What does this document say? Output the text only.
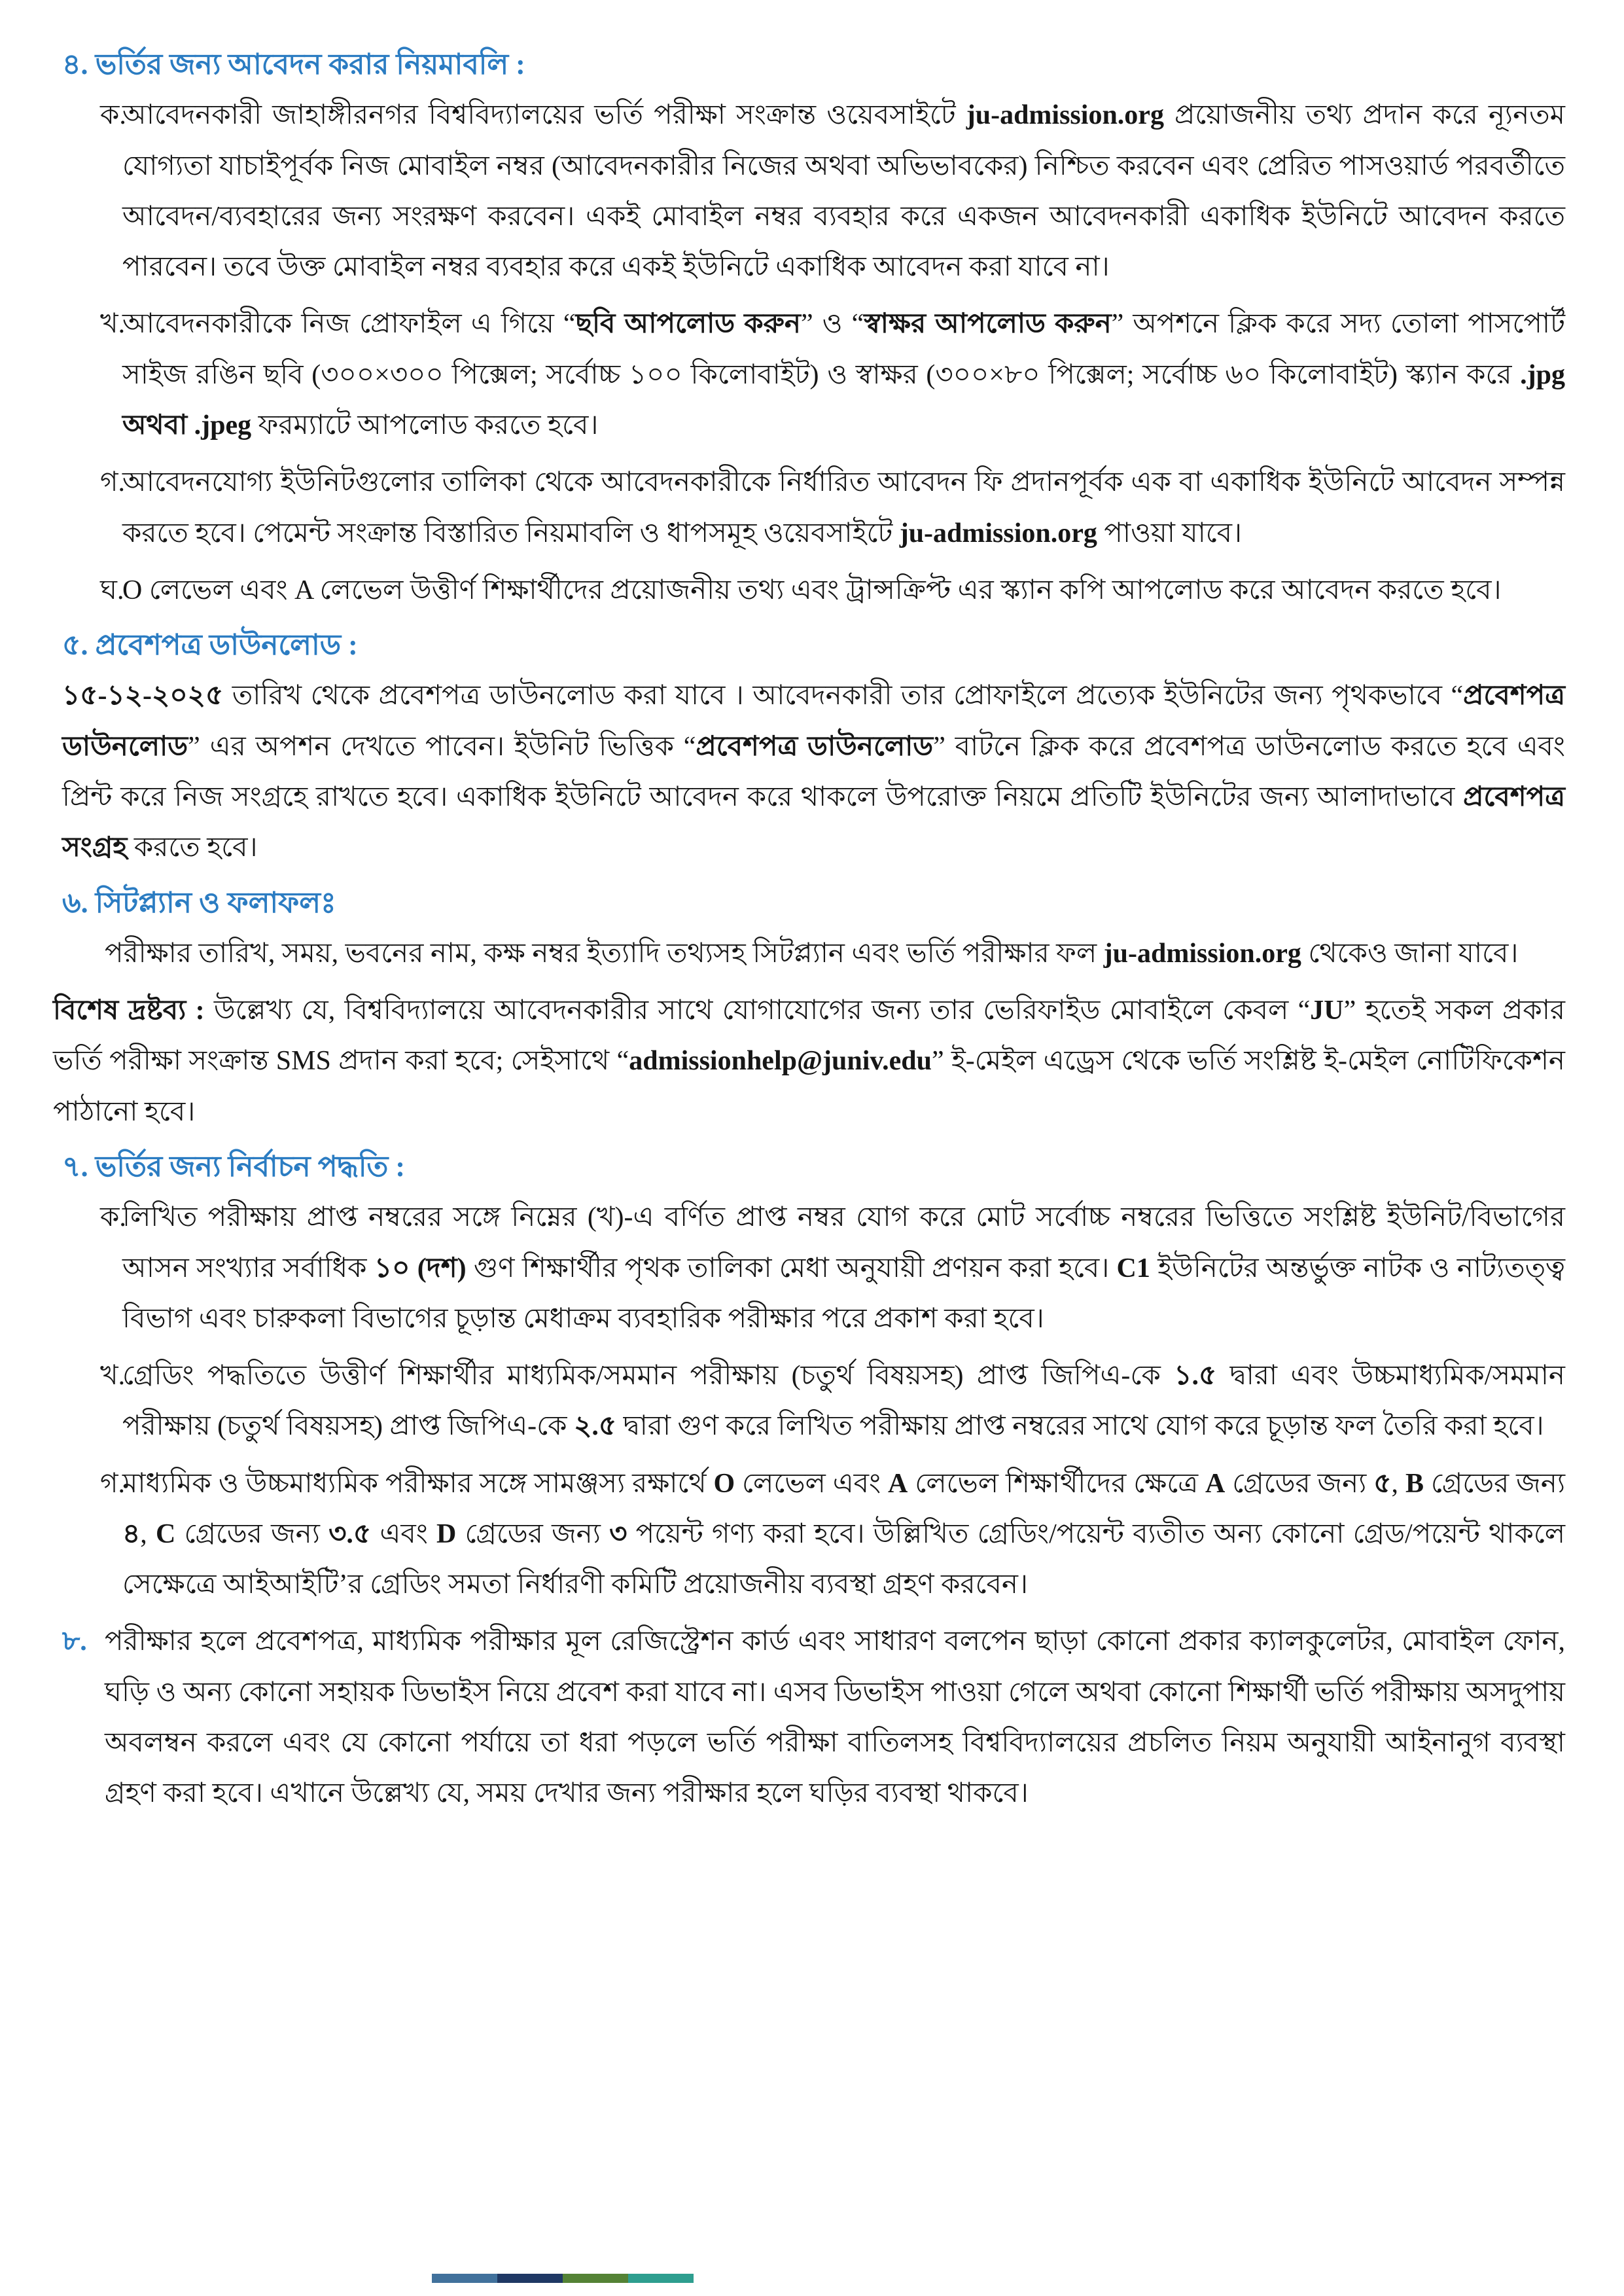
৪. ভর্তির জন্য আবেদন করার নিয়মাবলি :
ক.
আবেদনকারী জাহাঙ্গীরনগর বিশ্ববিদ্যালয়ের ভর্তি পরীক্ষা সংক্রান্ত ওয়েবসাইটে ju-admission.org প্রয়োজনীয় তথ্য প্রদান করে ন্যূনতম যোগ্যতা যাচাইপূর্বক নিজ মোবাইল নম্বর (আবেদনকারীর নিজের অথবা অভিভাবকের) নিশ্চিত করবেন এবং প্রেরিত পাসওয়ার্ড পরবর্তীতে আবেদন/ব্যবহারের জন্য সংরক্ষণ করবেন। একই মোবাইল নম্বর ব্যবহার করে একজন আবেদনকারী একাধিক ইউনিটে আবেদন করতে পারবেন। তবে উক্ত মোবাইল নম্বর ব্যবহার করে একই ইউনিটে একাধিক আবেদন করা যাবে না।
খ.
আবেদনকারীকে নিজ প্রোফাইল এ গিয়ে “ছবি আপলোড করুন” ও “স্বাক্ষর আপলোড করুন” অপশনে ক্লিক করে সদ্য তোলা পাসপোর্ট সাইজ রঙিন ছবি (৩০০×৩০০ পিক্সেল; সর্বোচ্চ ১০০ কিলোবাইট) ও স্বাক্ষর (৩০০×৮০ পিক্সেল; সর্বোচ্চ ৬০ কিলোবাইট) স্ক্যান করে .jpg অথবা .jpeg ফরম্যাটে আপলোড করতে হবে।
গ.
আবেদনযোগ্য ইউনিটগুলোর তালিকা থেকে আবেদনকারীকে নির্ধারিত আবেদন ফি প্রদানপূর্বক এক বা একাধিক ইউনিটে আবেদন সম্পন্ন করতে হবে। পেমেন্ট সংক্রান্ত বিস্তারিত নিয়মাবলি ও ধাপসমূহ ওয়েবসাইটে ju-admission.org পাওয়া যাবে।
ঘ.
O লেভেল এবং A লেভেল উত্তীর্ণ শিক্ষার্থীদের প্রয়োজনীয় তথ্য এবং ট্রান্সক্রিপ্ট এর স্ক্যান কপি আপলোড করে আবেদন করতে হবে।
৫. প্রবেশপত্র ডাউনলোড :
১৫-১২-২০২৫ তারিখ থেকে প্রবেশপত্র ডাউনলোড করা যাবে । আবেদনকারী তার প্রোফাইলে প্রত্যেক ইউনিটের জন্য পৃথকভাবে “প্রবেশপত্র ডাউনলোড” এর অপশন দেখতে পাবেন। ইউনিট ভিত্তিক “প্রবেশপত্র ডাউনলোড” বাটনে ক্লিক করে প্রবেশপত্র ডাউনলোড করতে হবে এবং প্রিন্ট করে নিজ সংগ্রহে রাখতে হবে। একাধিক ইউনিটে আবেদন করে থাকলে উপরোক্ত নিয়মে প্রতিটি ইউনিটের জন্য আলাদাভাবে প্রবেশপত্র সংগ্রহ করতে হবে।
৬. সিটপ্ল্যান ও ফলাফলঃ
পরীক্ষার তারিখ, সময়, ভবনের নাম, কক্ষ নম্বর ইত্যাদি তথ্যসহ সিটপ্ল্যান এবং ভর্তি পরীক্ষার ফল ju-admission.org থেকেও জানা যাবে।
বিশেষ দ্রষ্টব্য : উল্লেখ্য যে, বিশ্ববিদ্যালয়ে আবেদনকারীর সাথে যোগাযোগের জন্য তার ভেরিফাইড মোবাইলে কেবল “JU” হতেই সকল প্রকার ভর্তি পরীক্ষা সংক্রান্ত SMS প্রদান করা হবে; সেইসাথে “admissionhelp@juniv.edu” ই-মেইল এড্রেস থেকে ভর্তি সংশ্লিষ্ট ই-মেইল নোটিফিকেশন পাঠানো হবে।
৭. ভর্তির জন্য নির্বাচন পদ্ধতি :
ক.
লিখিত পরীক্ষায় প্রাপ্ত নম্বরের সঙ্গে নিম্নের (খ)-এ বর্ণিত প্রাপ্ত নম্বর যোগ করে মোট সর্বোচ্চ নম্বরের ভিত্তিতে সংশ্লিষ্ট ইউনিট/বিভাগের আসন সংখ্যার সর্বাধিক ১০ (দশ) গুণ শিক্ষার্থীর পৃথক তালিকা মেধা অনুযায়ী প্রণয়ন করা হবে। C1 ইউনিটের অন্তর্ভুক্ত নাটক ও নাট্যতত্ত্ব বিভাগ এবং চারুকলা বিভাগের চূড়ান্ত মেধাক্রম ব্যবহারিক পরীক্ষার পরে প্রকাশ করা হবে।
খ.
গ্রেডিং পদ্ধতিতে উত্তীর্ণ শিক্ষার্থীর মাধ্যমিক/সমমান পরীক্ষায় (চতুর্থ বিষয়সহ) প্রাপ্ত জিপিএ-কে ১.৫ দ্বারা এবং উচ্চমাধ্যমিক/সমমান পরীক্ষায় (চতুর্থ বিষয়সহ) প্রাপ্ত জিপিএ-কে ২.৫ দ্বারা গুণ করে লিখিত পরীক্ষায় প্রাপ্ত নম্বরের সাথে যোগ করে চূড়ান্ত ফল তৈরি করা হবে।
গ.
মাধ্যমিক ও উচ্চমাধ্যমিক পরীক্ষার সঙ্গে সামঞ্জস্য রক্ষার্থে O লেভেল এবং A লেভেল শিক্ষার্থীদের ক্ষেত্রে A গ্রেডের জন্য ৫, B গ্রেডের জন্য ৪, C গ্রেডের জন্য ৩.৫ এবং D গ্রেডের জন্য ৩ পয়েন্ট গণ্য করা হবে। উল্লিখিত গ্রেডিং/পয়েন্ট ব্যতীত অন্য কোনো গ্রেড/পয়েন্ট থাকলে সেক্ষেত্রে আইআইটি’র গ্রেডিং সমতা নির্ধারণী কমিটি প্রয়োজনীয় ব্যবস্থা গ্রহণ করবেন।
৮. পরীক্ষার হলে প্রবেশপত্র, মাধ্যমিক পরীক্ষার মূল রেজিস্ট্রেশন কার্ড এবং সাধারণ বলপেন ছাড়া কোনো প্রকার ক্যালকুলেটর, মোবাইল ফোন, ঘড়ি ও অন্য কোনো সহায়ক ডিভাইস নিয়ে প্রবেশ করা যাবে না। এসব ডিভাইস পাওয়া গেলে অথবা কোনো শিক্ষার্থী ভর্তি পরীক্ষায় অসদুপায় অবলম্বন করলে এবং যে কোনো পর্যায়ে তা ধরা পড়লে ভর্তি পরীক্ষা বাতিলসহ বিশ্ববিদ্যালয়ের প্রচলিত নিয়ম অনুযায়ী আইনানুগ ব্যবস্থা গ্রহণ করা হবে। এখানে উল্লেখ্য যে, সময় দেখার জন্য পরীক্ষার হলে ঘড়ির ব্যবস্থা থাকবে।
